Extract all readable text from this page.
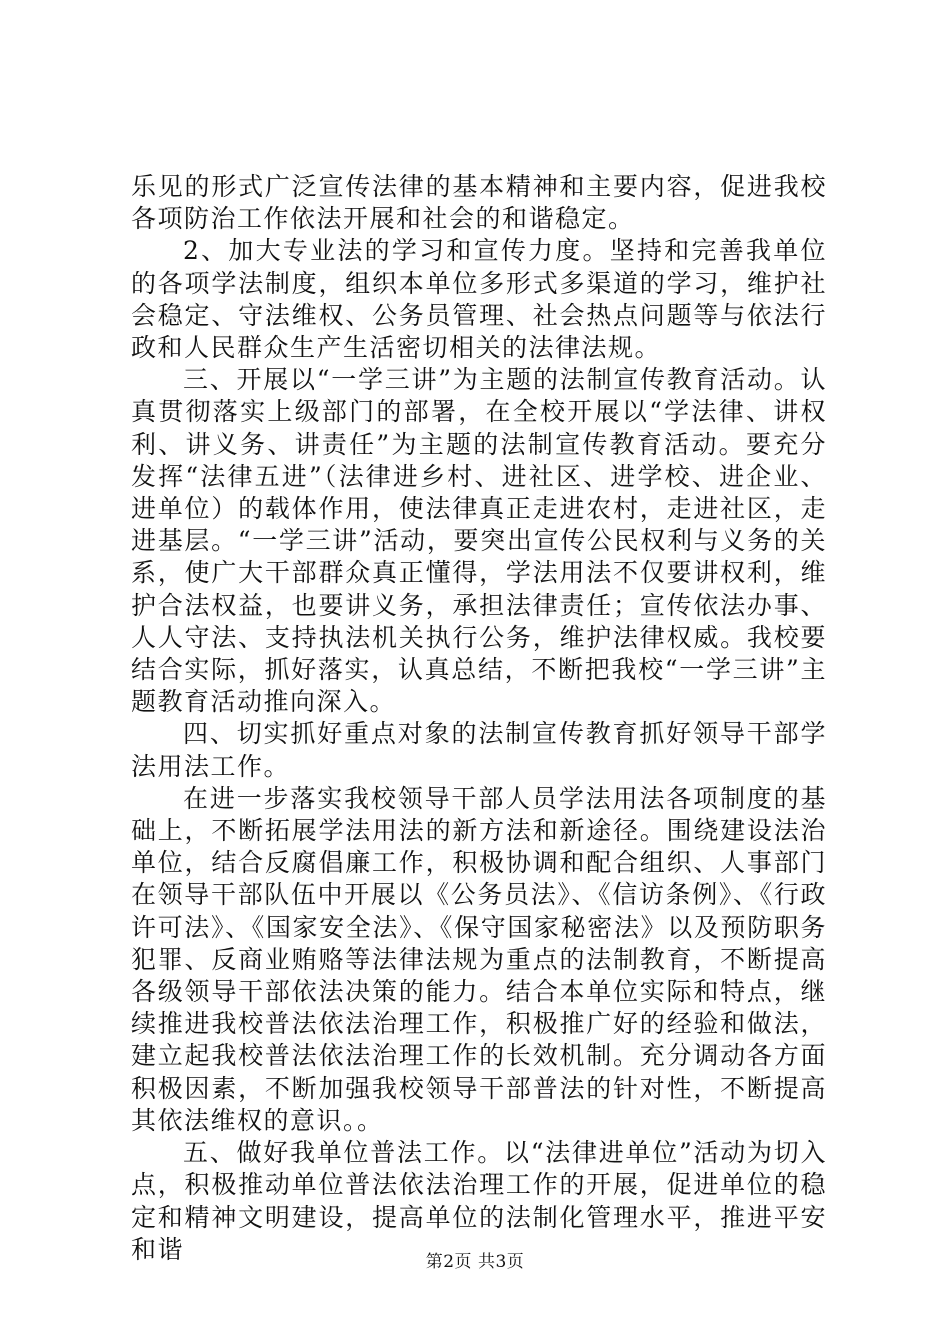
乐见的形式广泛宣传法律的基本精神和主要内容，促进我校各项防治工作依法开展和社会的和谐稳定。

2、加大专业法的学习和宣传力度。坚持和完善我单位的各项学法制度，组织本单位多形式多渠道的学习，维护社会稳定、守法维权、公务员管理、社会热点问题等与依法行政和人民群众生产生活密切相关的法律法规。

三、开展以“一学三讲”为主题的法制宣传教育活动。认真贯彻落实上级部门的部署，在全校开展以“学法律、讲权利、讲义务、讲责任”为主题的法制宣传教育活动。要充分发挥“法律五进”（法律进乡村、进社区、进学校、进企业、进单位）的载体作用，使法律真正走进农村，走进社区，走进基层。“一学三讲”活动，要突出宣传公民权利与义务的关系，使广大干部群众真正懂得，学法用法不仅要讲权利，维护合法权益，也要讲义务，承担法律责任；宣传依法办事、人人守法、支持执法机关执行公务，维护法律权威。我校要结合实际，抓好落实，认真总结，不断把我校“一学三讲”主题教育活动推向深入。

四、切实抓好重点对象的法制宣传教育抓好领导干部学法用法工作。

在进一步落实我校领导干部人员学法用法各项制度的基础上，不断拓展学法用法的新方法和新途径。围绕建设法治单位，结合反腐倡廉工作，积极协调和配合组织、人事部门在领导干部队伍中开展以《公务员法》、《信访条例》、《行政许可法》、《国家安全法》、《保守国家秘密法》以及预防职务犯罪、反商业贿赂等法律法规为重点的法制教育，不断提高各级领导干部依法决策的能力。结合本单位实际和特点，继续推进我校普法依法治理工作，积极推广好的经验和做法，建立起我校普法依法治理工作的长效机制。充分调动各方面积极因素，不断加强我校领导干部普法的针对性，不断提高其依法维权的意识。。

五、做好我单位普法工作。以“法律进单位”活动为切入点，积极推动单位普法依法治理工作的开展，促进单位的稳定和精神文明建设，提高单位的法制化管理水平，推进平安和谐	第2页 共3页
